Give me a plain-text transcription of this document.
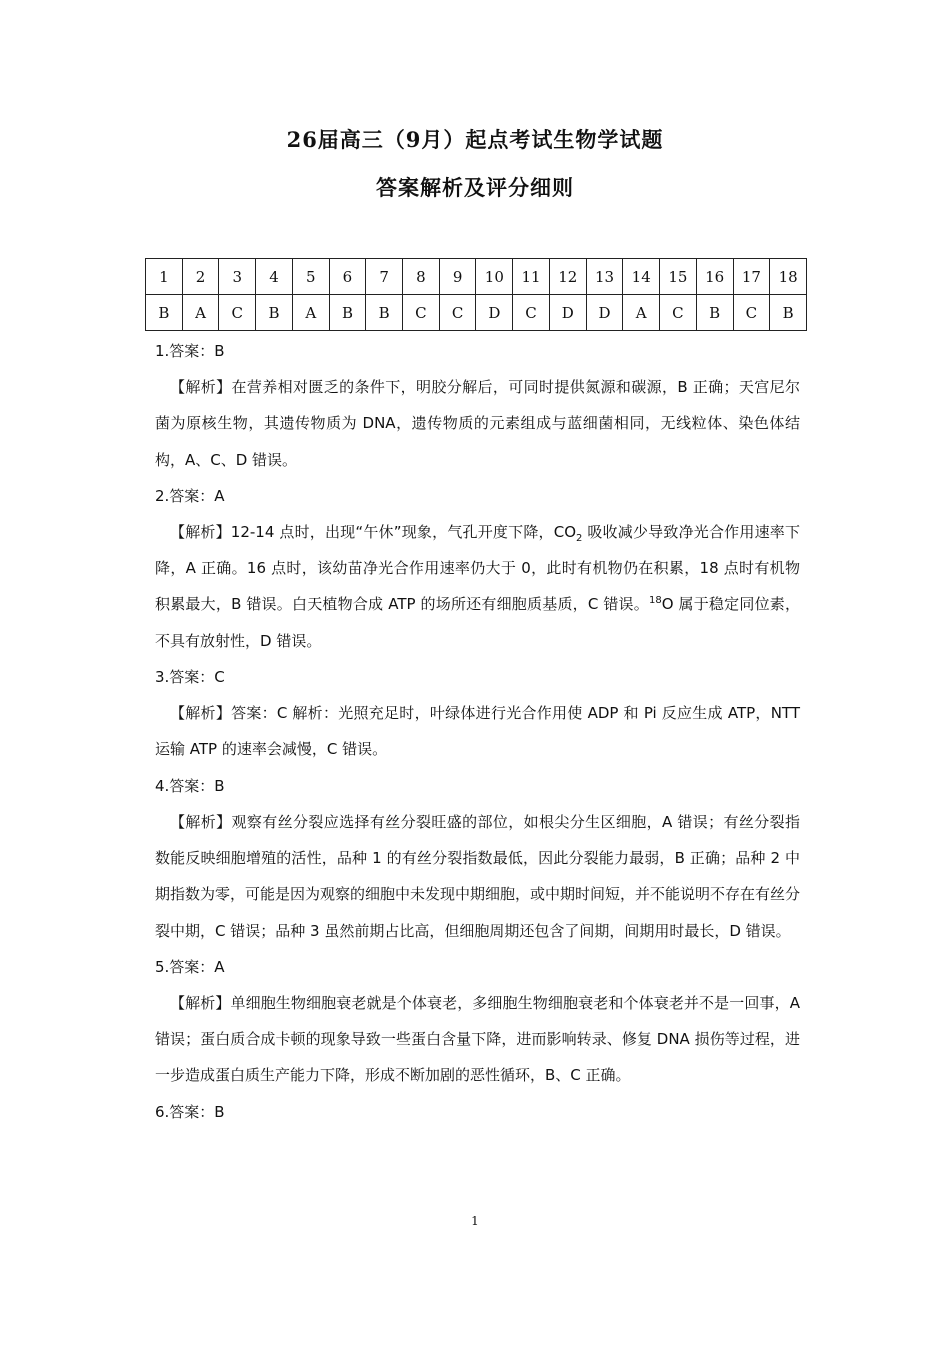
26届高三（9月）起点考试生物学试题
答案解析及评分细则
1	2	3	4	5	6	7	8	9	10	11	12	13	14	15	16	17	18
B	A	C	B	A	B	B	C	C	D	C	D	D	A	C	B	C	B

1.答案：B

【解析】在营养相对匮乏的条件下，明胶分解后，可同时提供氮源和碳源，B 正确；天宫尼尔菌为原核生物，其遗传物质为 DNA，遗传物质的元素组成与蓝细菌相同，无线粒体、染色体结构，A、C、D 错误。

2.答案：A

【解析】12-14 点时，出现“午休”现象，气孔开度下降，$CO_2$ 吸收减少导致净光合作用速率下降，A 正确。16 点时，该幼苗净光合作用速率仍大于 0，此时有机物仍在积累，18 点时有机物积累最大，B 错误。白天植物合成 ATP 的场所还有细胞质基质，C 错误。$^{18}$O 属于稳定同位素，不具有放射性，D 错误。

3.答案：C

【解析】答案：C 解析：光照充足时，叶绿体进行光合作用使 ADP 和 Pi 反应生成 ATP，NTT 运输 ATP 的速率会减慢，C 错误。

4.答案：B

【解析】观察有丝分裂应选择有丝分裂旺盛的部位，如根尖分生区细胞，A 错误；有丝分裂指数能反映细胞增殖的活性，品种 1 的有丝分裂指数最低，因此分裂能力最弱，B 正确；品种 2 中期指数为零，可能是因为观察的细胞中未发现中期细胞，或中期时间短，并不能说明不存在有丝分裂中期，C 错误；品种 3 虽然前期占比高，但细胞周期还包含了间期，间期用时最长，D 错误。

5.答案：A

【解析】单细胞生物细胞衰老就是个体衰老，多细胞生物细胞衰老和个体衰老并不是一回事，A 错误；蛋白质合成卡顿的现象导致一些蛋白含量下降，进而影响转录、修复 DNA 损伤等过程，进一步造成蛋白质生产能力下降，形成不断加剧的恶性循环，B、C 正确。

6.答案：B

1
